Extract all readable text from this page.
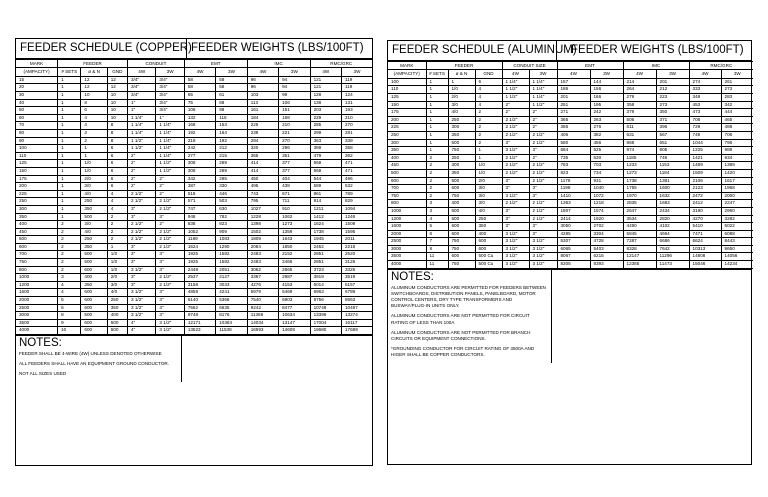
FEEDER SCHEDULE (COPPER) FEEDER WEIGHTS (LBS/100FT)
MARK	FEEDER			CONDUIT		EMT		IMC		RMC/GRC	
(AMPACITY)	# SETS	ø & N	GND	4W	3W	4W	3W	4W	3W	4W	3W
15	1	12	12	3/4"	3/4"	58	58	96	94	121	119
20	1	12	12	3/4"	3/4"	58	58	96	94	121	119
30	1	10	10	3/4"	3/4"	65	61	103	99	128	124
40	1	8	10	1"	3/4"	75	68	113	106	138	131
50	1	6	10	1"	3/4"	106	98	161	151	203	193
60	1	4	10	1 1/4"	1"	132	116	184	168	229	210
70	1	4	8	1 1/4"	1 1/4"	168	153	225	210	285	270
80	1	3	8	1 1/4"	1 1/4"	192	164	238	221	299	281
90	1	2	8	1 1/2"	1 1/4"	218	192	294	270	363	339
100	1	1	6	1 1/2"	1 1/4"	242	212	320	296	389	358
110	1	1	6	2"	1 1/4"	277	215	365	351	479	362
125	1	1/0	6	2"	1 1/2"	306	269	414	377	568	471
150	1	1/0	6	2"	1 1/2"	306	269	414	377	568	471
175	1	2/0	6	2"	2"	342	295	450	404	544	496
200	1	3/0	6	2"	2"	387	330	495	438	589	532
225	1	4/0	4	2 1/2"	2"	518	446	743	671	861	789
250	1	250	4	2 1/2"	2 1/2"	571	503	795	711	914	829
300	1	350	4	3"	2 1/2"	747	630	1027	910	1211	1094
350	1	500	2	3"	3"	948	782	1228	1062	1412	1246
400	2	3/0	2	2 1/2"	2"	838	823	1398	1273	1624	1509
450	2	4/0	2	2 1/2"	2 1/2"	1052	909	1502	1359	1738	1595
500	2	250	2	2 1/2"	2 1/2"	1189	1083	1809	1643	1945	2011
600	2	350	1	3"	2 1/2"	1524	1290	2084	1850	2452	2218
700	2	500	1/0	3"	3"	1925	1582	2483	2152	2851	2520
750	2	500	1/0	3"	3"	1925	1582	2483	2466	2851	3126
800	2	600	1/0	3 1/2"	3"	2448	2051	3062	2665	3723	3325
1000	3	400	2/0	3"	2 1/2"	2527	2127	3387	2987	3919	3519
1200	4	350	3/0	3"	2 1/2"	3158	3033	4276	4153	5014	5157
1600	4	600	4/0	3 1/2"	3"	4859	4241	5979	5469	6963	6789
2000	5	600	250	3 1/2"	3"	6140	5368	7540	6903	8756	8553
2500	6	600	350	3 1/2"	3"	7562	6635	9242	8477	10748	10497
3000	8	500	400	3 1/2"	3"	9748	8176	11368	10634	13396	13274
3500	9	600	500	4"	3 1/2"	12171	10384	14034	13147	17004	16117
4000	10	600	500	4"	3 1/2"	13523	11538	16593	14608	19680	17689
NOTES:

FEEDER SHALL BE 4-WIRE (4W) UNLESS DENOTED OTHERWISE

ALL FEEDERS SHALL HAVE AN EQUIPMENT GROUND CONDUCTOR.

NOT ALL SIZES USED

FEEDER SCHEDULE (ALUMINUM)
FEEDER WEIGHTS (LBS/100FT)
MARK	FEEDER			CONDUIT SIZE		EMT		IMC		RMC/GRC	
(AMPACITY)	# SETS	ø & N	GND	4W	3W	4W	3W	4W	3W	4W	3W
100	1	1	6	1 1/4"	1 1/4"	157	144	214	201	274	261
110	1	1/0	4	1 1/2"	1 1/4"	186	156	264	212	333	273
125	1	2/0	4	1 1/2"	1 1/4"	201	166	279	223	348	283
150	1	3/0	4	2"	1 1/2"	251	195	358	273	453	342
175	1	4/0	2	2"	2"	271	242	379	350	473	444
200	1	250	2	2 1/2"	2"	365	263	506	371	708	465
225	1	300	2	2 1/2"	2"	386	276	611	396	729	488
250	1	350	2	2 1/2"	2 1/2"	406	382	631	567	749	706
300	1	500	2	3"	2 1/2"	580	456	868	651	1044	796
350	1	750	1	3 1/2"	3"	684	525	974	805	1225	988
400	2	250	1	2 1/2"	2"	735	530	1185	746	1421	934
450	2	300	1/0	2 1/2"	2 1/2"	783	703	1233	1153	1469	1389
500	2	350	1/0	2 1/2"	2 1/2"	823	734	1273	1184	1509	1420
600	2	500	2/0	3"	2 1/2"	1178	931	1738	1381	2106	1617
700	2	600	3/0	3"	3"	1198	1040	1755	1600	2123	1968
750	2	750	3/0	3 1/2"	3"	1410	1072	1970	1632	2472	2000
800	3	400	3/0	2 1/2"	2 1/2"	1363	1218	2835	1683	2412	2247
1000	3	600	4/0	3"	2 1/2"	1807	1574	2647	2434	3190	2960
1200	4	500	250	3"	2 1/2"	2414	1920	3534	2820	4270	3282
1600	5	600	350	3"	3"	3050	2702	4490	4102	5410	5022
2000	6	600	400	3 1/2"	3"	4285	3304	5845	4664	7471	6088
2500	7	750	600	3 1/2"	3 1/2"	5307	4728	7287	6686	6624	8443
3000	8	750	600	3 1/2"	3 1/2"	6065	5403	8328	7642	10313	9650
3500	11	600	500 Cu	3 1/2"	3 1/2"	8067	6215	12147	11296	14808	14056
4000	11	750	500 Cu	3 1/2"	3 1/2"	8305	8393	12385	11473	15046	14234
NOTES:

ALUMINUM CONDUCTORS ARE PERMITTED FOR FEEDERS BETWEEN SWITCHBOARDS, DISTRIBUTION PANELS, PANELBOARD, MOTOR CONTROL CENTERS, DRY TYPE TRANSFORMERS AND BUSWAY/PLUG-IN UNITS ONLY.

ALUMINUM CONDUCTORS ARE NOT PERMITTED FOR CIRCUIT RATING OF LESS THAN 100A

ALUMINUM CONDUCTORS ARE NOT PERMITTED FOR BRANCH CIRCUITS OR EQUIPMENT CONNECTIONS.

*GROUNDING CONDUCTOR FOR CIRCUIT RATING OF 3500A AND HIGER SHALL BE COPPER CONDUCTORS.
